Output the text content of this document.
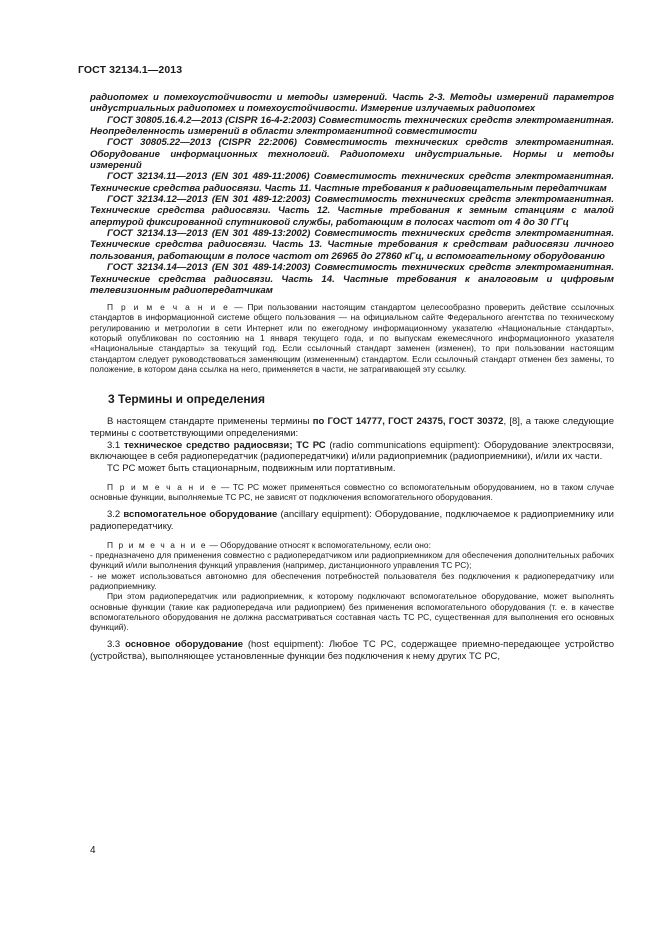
ГОСТ 32134.1—2013

радиопомех и помехоустойчивости и методы измерений. Часть 2-3. Методы измерений параметров индустриальных радиопомех и помехоустойчивости. Измерение излучаемых радиопомех

ГОСТ 30805.16.4.2—2013 (CISPR 16-4-2:2003) Совместимость технических средств электромагнитная. Неопределенность измерений в области электромагнитной совместимости

ГОСТ 30805.22—2013 (CISPR 22:2006) Совместимость технических средств электромагнитная. Оборудование информационных технологий. Радиопомехи индустриальные. Нормы и методы измерений

ГОСТ 32134.11—2013 (EN 301 489-11:2006) Совместимость технических средств электромагнитная. Технические средства радиосвязи. Часть 11. Частные требования к радиовещательным передатчикам

ГОСТ 32134.12—2013 (EN 301 489-12:2003) Совместимость технических средств электромагнитная. Технические средства радиосвязи. Часть 12. Частные требования к земным станциям с малой апертурой фиксированной спутниковой службы, работающим в полосах частот от 4 до 30 ГГц

ГОСТ 32134.13—2013 (EN 301 489-13:2002) Совместимость технических средств электромагнитная. Технические средства радиосвязи. Часть 13. Частные требования к средствам радиосвязи личного пользования, работающим в полосе частот от 26965 до 27860 кГц, и вспомогательному оборудованию

ГОСТ 32134.14—2013 (EN 301 489-14:2003) Совместимость технических средств электромагнитная. Технические средства радиосвязи. Часть 14. Частные требования к аналоговым и цифровым телевизионным радиопередатчикам

П р и м е ч а н и е — При пользовании настоящим стандартом целесообразно проверить действие ссылочных стандартов в информационной системе общего пользования — на официальном сайте Федерального агентства по техническому регулированию и метрологии в сети Интернет или по ежегодному информационному указателю «Национальные стандарты», который опубликован по состоянию на 1 января текущего года, и по выпускам ежемесячного информационного указателя «Национальные стандарты» за текущий год. Если ссылочный стандарт заменен (изменен), то при пользовании настоящим стандартом следует руководствоваться заменяющим (измененным) стандартом. Если ссылочный стандарт отменен без замены, то положение, в котором дана ссылка на него, применяется в части, не затрагивающей эту ссылку.

3 Термины и определения

В настоящем стандарте применены термины по ГОСТ 14777, ГОСТ 24375, ГОСТ 30372, [8], а также следующие термины с соответствующими определениями:

3.1 техническое средство радиосвязи; ТС РС (radio communications equipment): Оборудование электросвязи, включающее в себя радиопередатчик (радиопередатчики) и/или радиоприемник (радиоприемники), и/или их части.

ТС РС может быть стационарным, подвижным или портативным.

П р и м е ч а н и е — ТС РС может применяться совместно со вспомогательным оборудованием, но в таком случае основные функции, выполняемые ТС РС, не зависят от подключения вспомогательного оборудования.

3.2 вспомогательное оборудование (ancillary equipment): Оборудование, подключаемое к радиоприемнику или радиопередатчику.

П р и м е ч а н и е — Оборудование относят к вспомогательному, если оно:

- предназначено для применения совместно с радиопередатчиком или радиоприемником для обеспечения дополнительных рабочих функций и/или выполнения функций управления (например, дистанционного управления ТС РС);

- не может использоваться автономно для обеспечения потребностей пользователя без подключения к радиопередатчику или радиоприемнику.

При этом радиопередатчик или радиоприемник, к которому подключают вспомогательное оборудование, может выполнять основные функции (такие как радиопередача или радиоприем) без применения вспомогательного оборудования (т. е. в качестве вспомогательного оборудования не должна рассматриваться составная часть ТС РС, существенная для выполнения его основных функций).

3.3 основное оборудование (host equipment): Любое ТС РС, содержащее приемно-передающее устройство (устройства), выполняющее установленные функции без подключения к нему других ТС РС,

4
